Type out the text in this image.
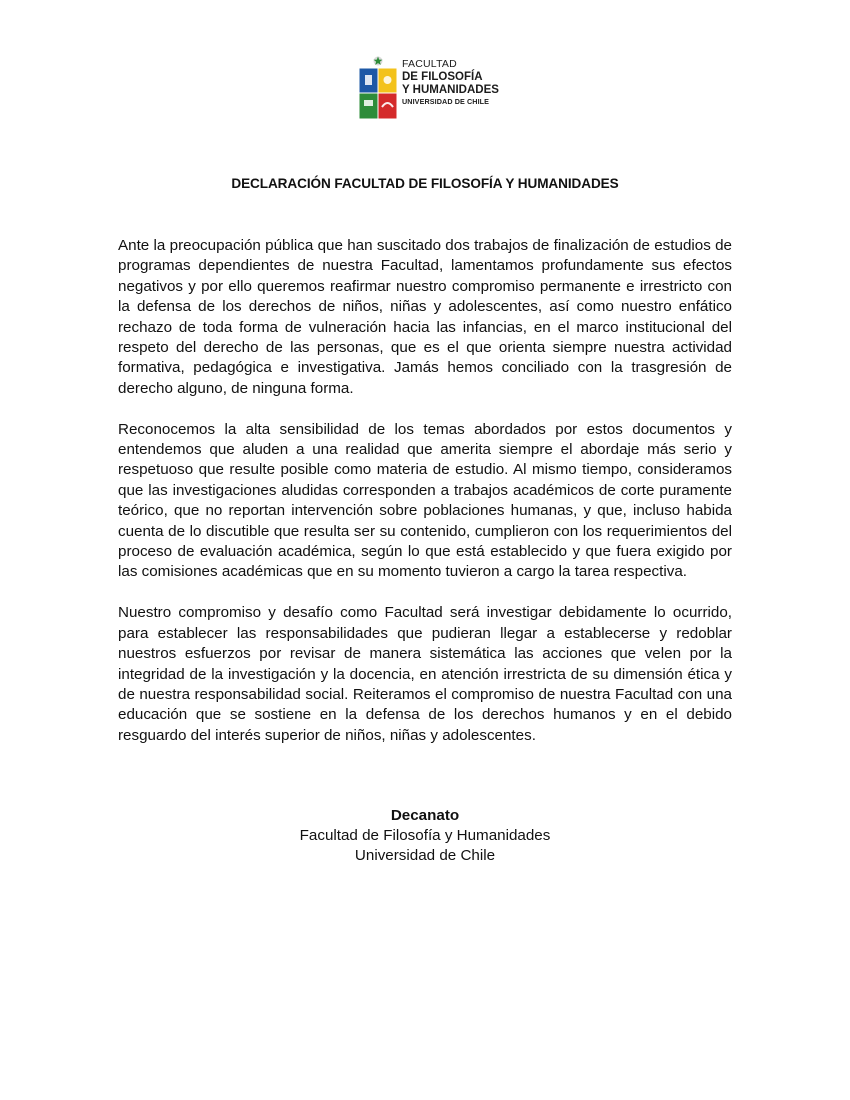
FACULTAD
DE FILOSOFÍA
Y HUMANIDADES
UNIVERSIDAD DE CHILE
DECLARACIÓN FACULTAD DE FILOSOFÍA Y HUMANIDADES

Ante la preocupación pública que han suscitado dos trabajos de finalización de estudios de programas dependientes de nuestra Facultad, lamentamos profundamente sus efectos negativos y por ello queremos reafirmar nuestro compromiso permanente e irrestricto con la defensa de los derechos de niños, niñas y adolescentes, así como nuestro enfático rechazo de toda forma de vulneración hacia las infancias, en el marco institucional del respeto del derecho de las personas, que es el que orienta siempre nuestra actividad formativa, pedagógica e investigativa. Jamás hemos conciliado con la trasgresión de derecho alguno, de ninguna forma.

Reconocemos la alta sensibilidad de los temas abordados por estos documentos y entendemos que aluden a una realidad que amerita siempre el abordaje más serio y respetuoso que resulte posible como materia de estudio. Al mismo tiempo, consideramos que las investigaciones aludidas corresponden a trabajos académicos de corte puramente teórico, que no reportan intervención sobre poblaciones humanas, y que, incluso habida cuenta de lo discutible que resulta ser su contenido, cumplieron con los requerimientos del proceso de evaluación académica, según lo que está establecido y que fuera exigido por las comisiones académicas que en su momento tuvieron a cargo la tarea respectiva.

Nuestro compromiso y desafío como Facultad será investigar debidamente lo ocurrido, para establecer las responsabilidades que pudieran llegar a establecerse y redoblar nuestros esfuerzos por revisar de manera sistemática las acciones que velen por la integridad de la investigación y la docencia, en atención irrestricta de su dimensión ética y de nuestra responsabilidad social. Reiteramos el compromiso de nuestra Facultad con una educación que se sostiene en la defensa de los derechos humanos y en el debido resguardo del interés superior de niños, niñas y adolescentes.

Decanato
Facultad de Filosofía y Humanidades
Universidad de Chile
